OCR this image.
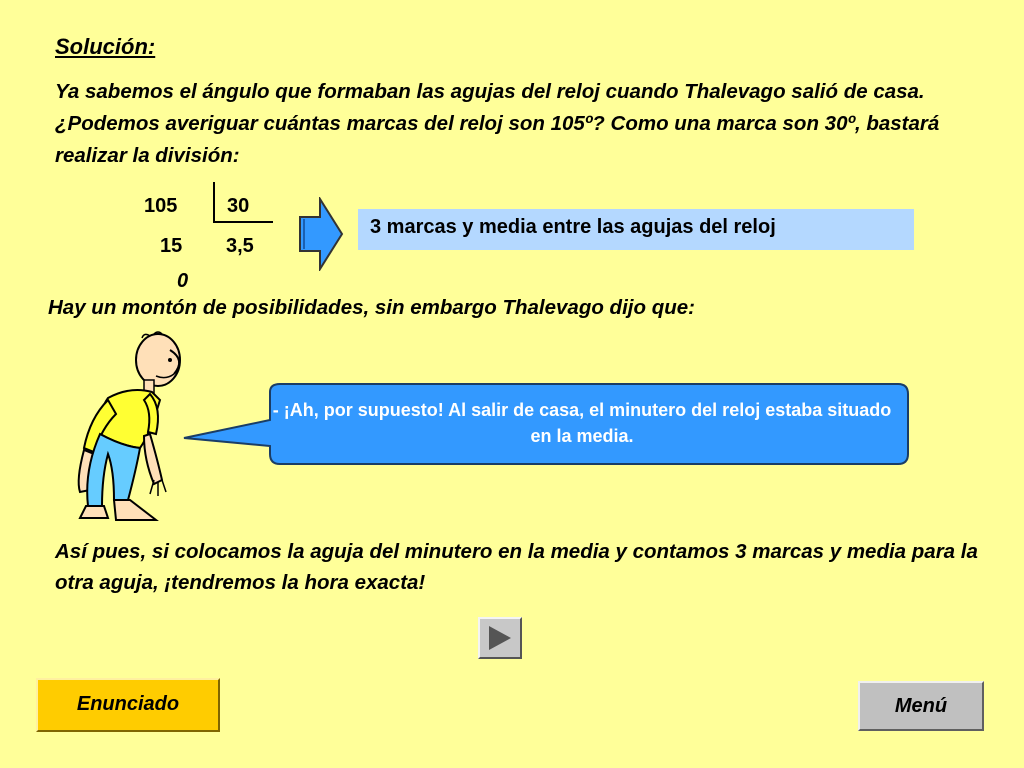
Solución:
Ya sabemos el ángulo que formaban las agujas del reloj cuando Thalevago salió de casa. ¿Podemos averiguar cuántas marcas del reloj son 105º? Como una marca son 30º, bastará realizar la división:
105 30
15 3,5
0
3 marcas y media entre las agujas del reloj
Hay un montón de posibilidades, sin embargo Thalevago dijo que:
- ¡Ah, por supuesto! Al salir de casa, el minutero del reloj estaba situado en la media.
Así pues, si colocamos la aguja del minutero en la media y contamos 3 marcas y media para la otra aguja, ¡tendremos la hora exacta!
Enunciado	Menú
